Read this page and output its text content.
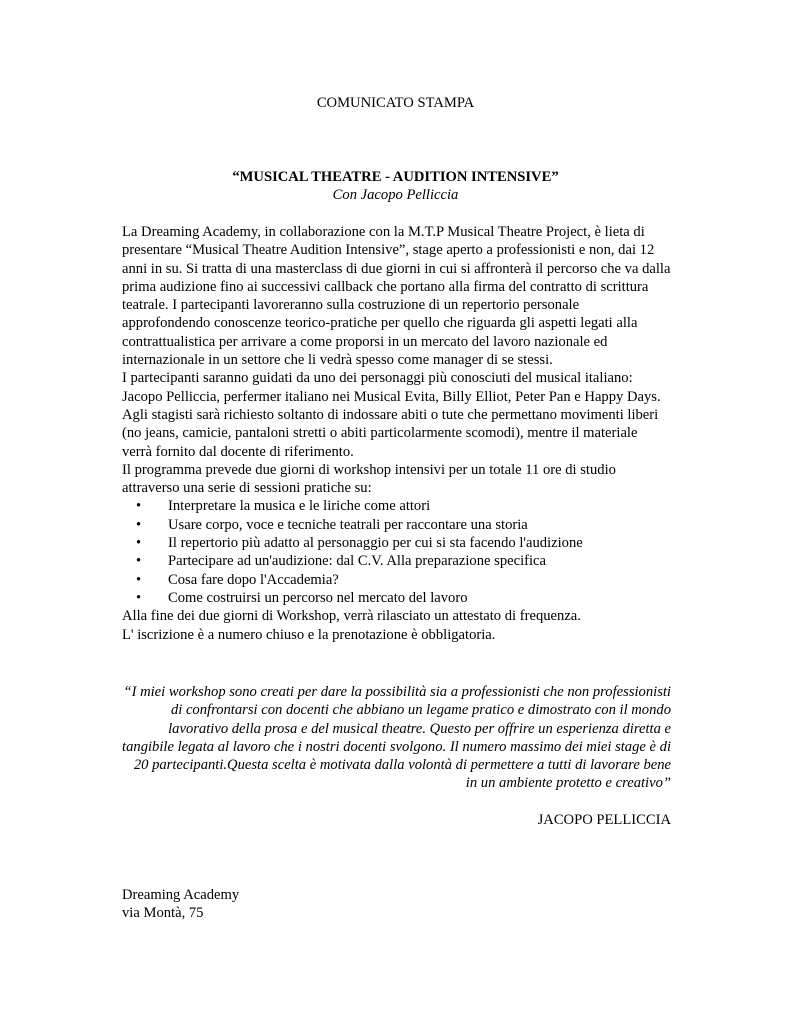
COMUNICATO STAMPA
“MUSICAL THEATRE - AUDITION INTENSIVE”
Con Jacopo Pelliccia

La Dreaming Academy, in collaborazione con la M.T.P Musical Theatre Project, è lieta di presentare “Musical Theatre Audition Intensive”, stage aperto a professionisti e non, dai 12 anni in su. Si tratta di una masterclass di due giorni in cui si affronterà il percorso che va dalla prima audizione fino ai successivi callback che portano alla firma del contratto di scrittura teatrale. I partecipanti lavoreranno sulla costruzione di un repertorio personale approfondendo conoscenze teorico-pratiche per quello che riguarda gli aspetti legati alla contrattualistica per arrivare a come proporsi in un mercato del lavoro nazionale ed internazionale in un settore che li vedrà spesso come manager di se stessi.

I partecipanti saranno guidati da uno dei personaggi più conosciuti del musical italiano: Jacopo Pelliccia, perfermer italiano nei Musical Evita, Billy Elliot, Peter Pan e Happy Days.

Agli stagisti sarà richiesto soltanto di indossare abiti o tute che permettano movimenti liberi (no jeans, camicie, pantaloni stretti o abiti particolarmente scomodi), mentre il materiale verrà fornito dal docente di riferimento.

Il programma prevede due giorni di workshop intensivi per un totale 11 ore di studio attraverso una serie di sessioni pratiche su:

• Interpretare la musica e le liriche come attori
• Usare corpo, voce e tecniche teatrali per raccontare una storia
• Il repertorio più adatto al personaggio per cui si sta facendo l'audizione
• Partecipare ad un'audizione: dal C.V. Alla preparazione specifica
• Cosa fare dopo l'Accademia?
• Come costruirsi un percorso nel mercato del lavoro

Alla fine dei due giorni di Workshop, verrà rilasciato un attestato di frequenza.

L' iscrizione è a numero chiuso e la prenotazione è obbligatoria.

“I miei workshop sono creati per dare la possibilità sia a professionisti che non professionisti di confrontarsi con docenti che abbiano un legame pratico e dimostrato con il mondo lavorativo della prosa e del musical theatre. Questo per offrire un esperienza diretta e tangibile legata al lavoro che i nostri docenti svolgono. Il numero massimo dei miei stage è di 20 partecipanti.Questa scelta è motivata dalla volontà di permettere a tutti di lavorare bene in un ambiente protetto e creativo”
JACOPO PELLICCIA
Dreaming Academy
via Montà, 75
